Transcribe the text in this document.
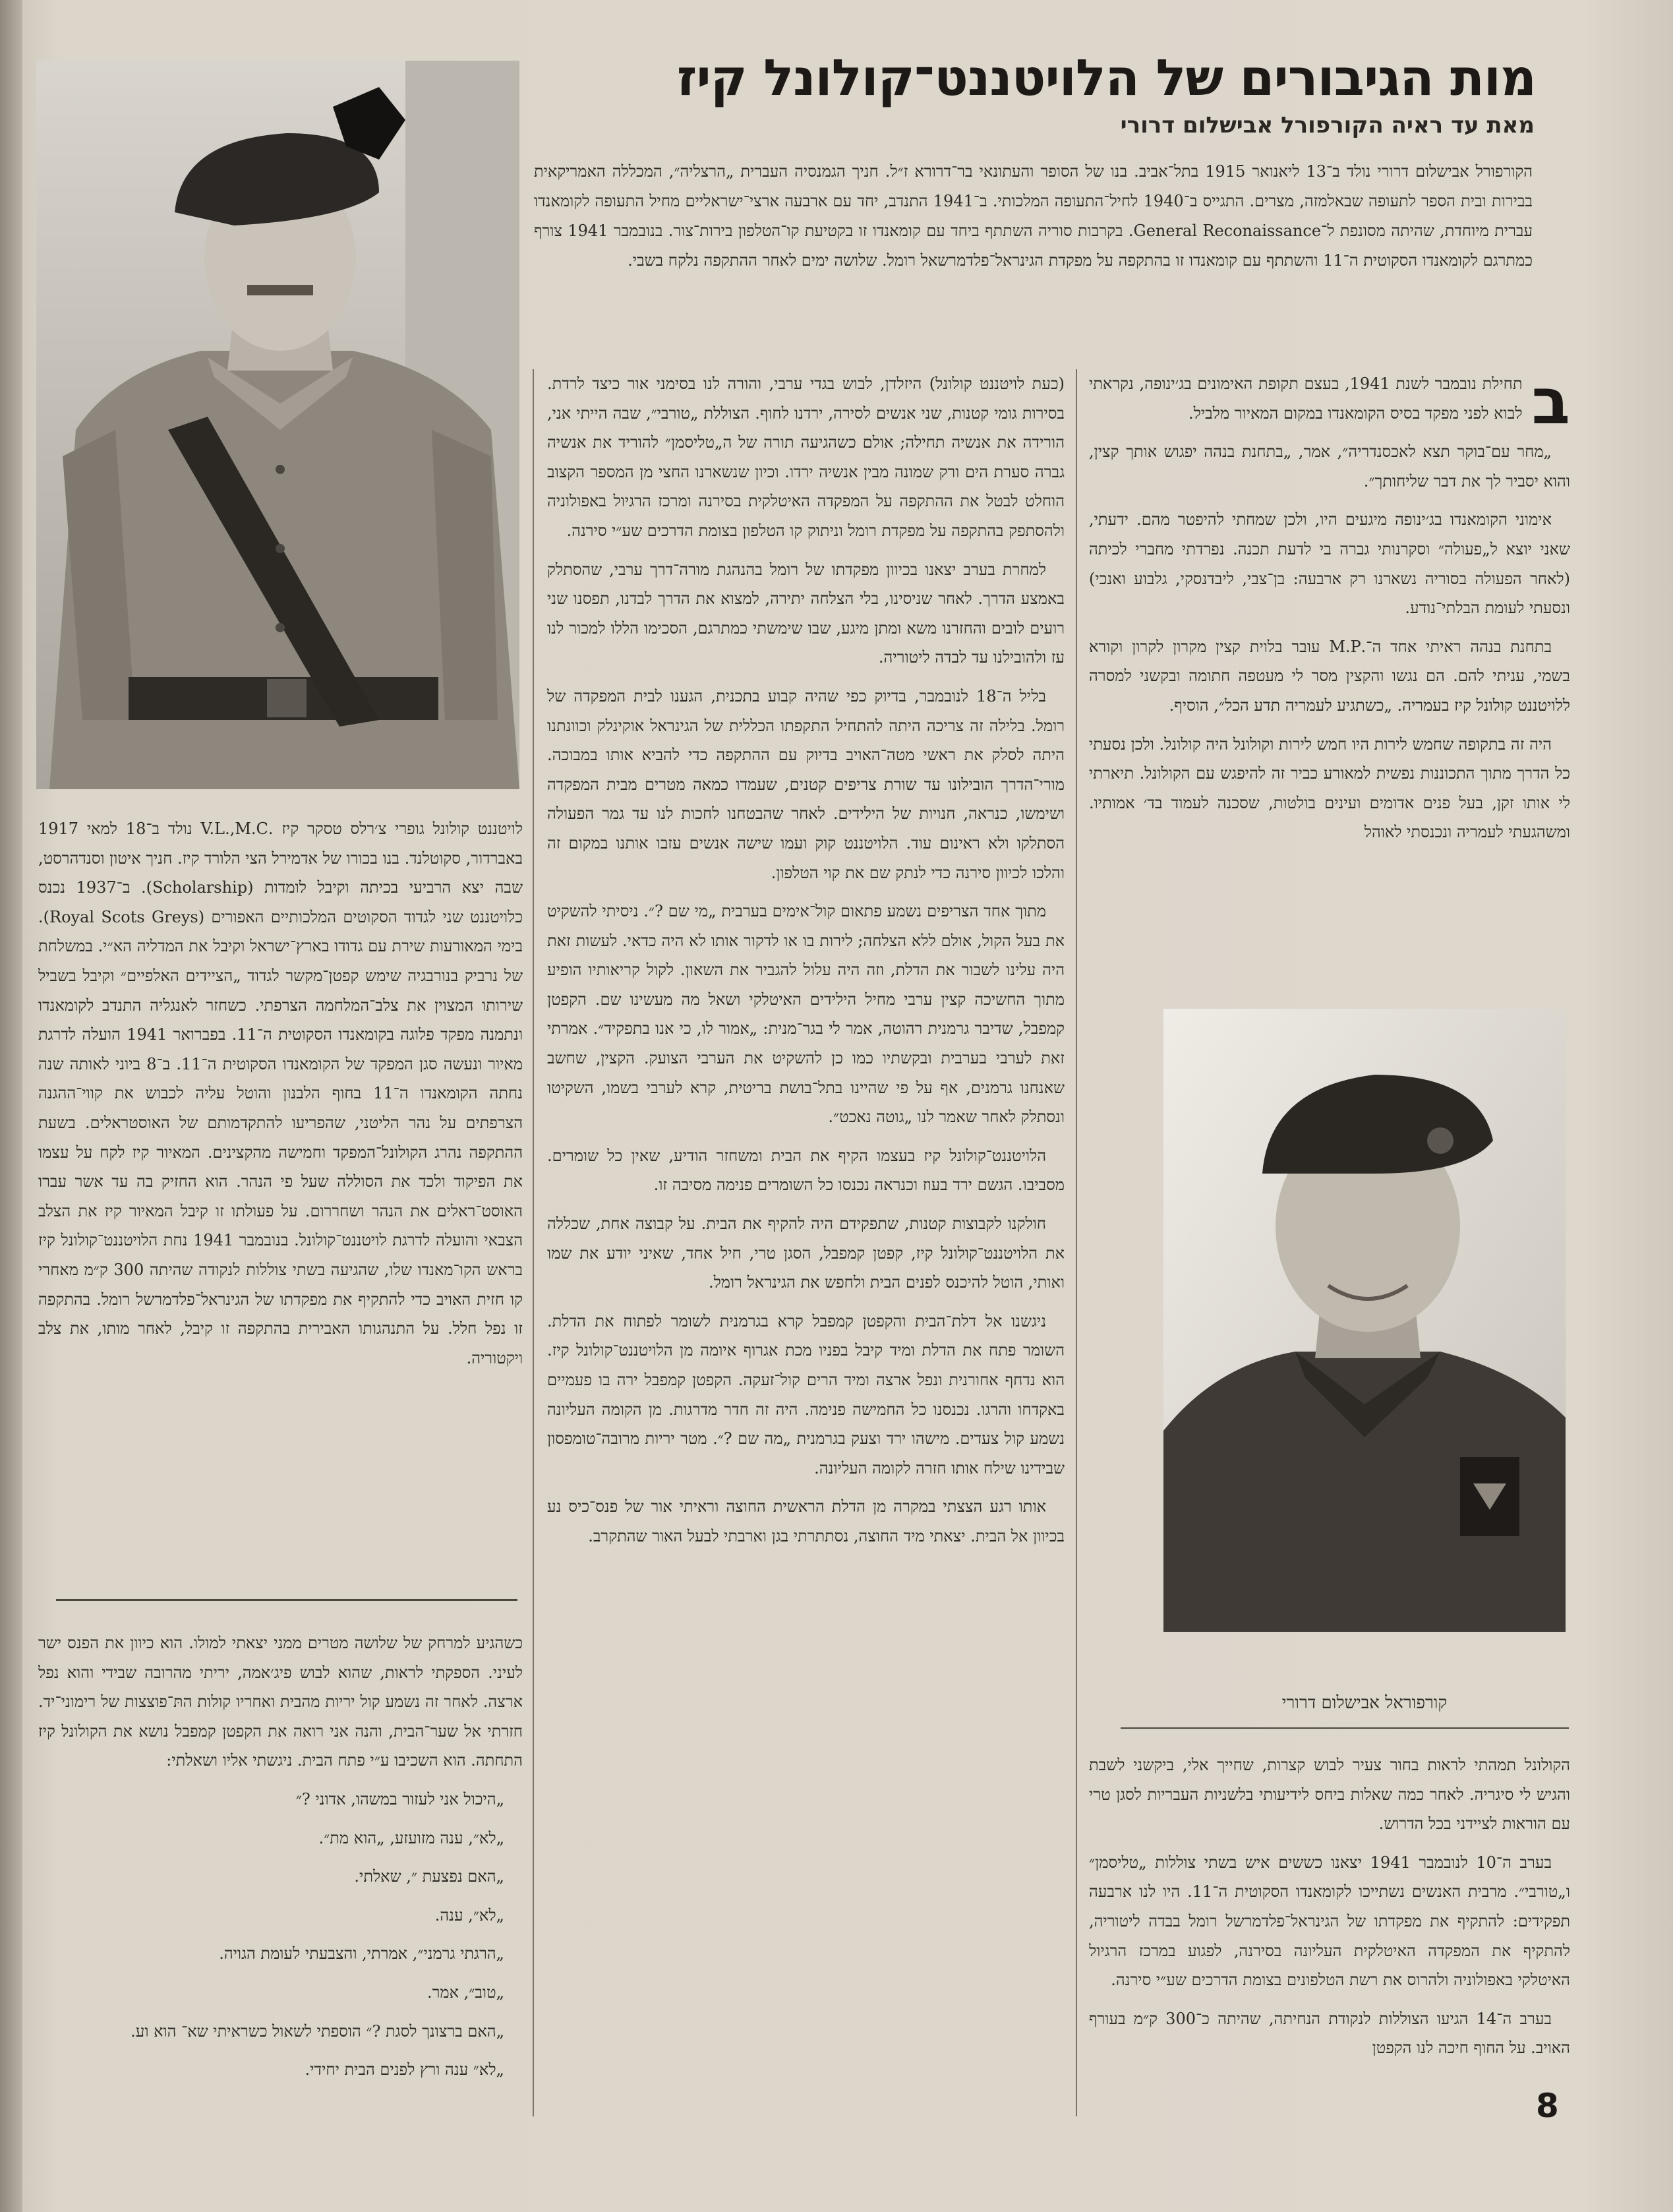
מות הגיבורים של הלויטננט־קולונל קיז
מאת עד ראיה הקורפורל אבישלום דרורי
הקורפורל אבישלום דרורי נולד ב־13 ליאנואר 1915 בתל־אביב. בנו של הסופר והעתונאי בר־דרורא ז״ל. חניך הגמנסיה העברית „הרצליה״, המכללה האמריקאית בבירות ובית הספר לתעופה שבאלמזה, מצרים. התגייס ב־1940 לחיל־התעופה המלכותי. ב־1941 התנדב, יחד עם ארבעה ארצי־ישראליים מחיל התעופה לקומאנדו עברית מיוחדת, שהיתה מסונפת ל־General Reconaissance. בקרבות סוריה השתתף ביחד עם קומאנדו זו בקטיעת קו־הטלפון בירות־צור. בנובמבר 1941 צורף כמתרגם לקומאנדו הסקוטית ה־11 והשתתף עם קומאנדו זו בהתקפה על מפקדת הגינראל־פלדמרשאל רומל. שלושה ימים לאחר ההתקפה נלקח בשבי.

ב
תחילת נובמבר לשנת 1941, בעצם תקופת האימונים בג׳ינופה, נקראתי לבוא לפני מפקד בסיס הקומאנדו במקום המאיור מלביל.

„מחר עם־בוקר תצא לאכסנדריה״, אמר, „בתחנת בנהה יפגוש אותך קצין, והוא יסביר לך את דבר שליחותך״.

אימוני הקומאנדו בג׳ינופה מיגעים היו, ולכן שמחתי להיפטר מהם. ידעתי, שאני יוצא ל„פעולה״ וסקרנותי גברה בי לדעת תכנה. נפרדתי מחברי לכיתה (לאחר הפעולה בסוריה נשארנו רק ארבעה: בן־צבי, ליבדנסקי, גלבוע ואנכי) ונסעתי לעומת הבלתי־נודע.

בתחנת בנהה ראיתי אחד ה־.M.P עובר בלוית קצין מקרון לקרון וקורא בשמי, עניתי להם. הם נגשו והקצין מסר לי מעטפה חתומה ובקשני למסרה ללויטננט קולונל קיז בעמריה. „כשתגיע לעמריה תדע הכל״, הוסיף.

היה זה בתקופה שחמש לירות היו חמש לירות וקולונל היה קולונל. ולכן נסעתי כל הדרך מתוך התכוננות נפשית למאורע כביר זה להיפגש עם הקולונל. תיארתי לי אותו זקן, בעל פנים אדומים ועינים בולטות, שסכנה לעמוד בד׳ אמותיו. ומשהגעתי לעמריה ונכנסתי לאוהל

קורפוראל אבישלום דרורי

הקולונל תמהתי לראות בחור צעיר לבוש קצרות, שחייך אלי, ביקשני לשבת והגיש לי סיגריה. לאחר כמה שאלות ביחס לידיעותי בלשניות העבריות לסגן טרי עם הוראות לציידני בכל הדרוש.

בערב ה־10 לנובמבר 1941 יצאנו כששים איש בשתי צוללות „טליסמן״ ו„טורבי״. מרבית האנשים נשתייכו לקומאנדו הסקוטית ה־11. היו לנו ארבעה תפקידים: להתקיף את מפקדתו של הגינראל־פלדמרשל רומל בבדה ליטוריה, להתקיף את המפקדה האיטלקית העליונה בסירנה, לפגוע במרכז הרגיול האיטלקי באפולוניה ולהרוס את רשת הטלפונים בצומת הדרכים שע״י סירנה.

בערב ה־14 הגיעו הצוללות לנקודת הנחיתה, שהיתה כ־300 ק״מ בעורף האויב. על החוף חיכה לנו הקפטן

(כעת לויטננט קולונל) היזלדן, לבוש בגדי ערבי, והורה לנו בסימני אור כיצד לרדת. בסירות גומי קטנות, שני אנשים לסירה, ירדנו לחוף. הצוללת „טורבי״, שבה הייתי אני, הורידה את אנשיה תחילה; אולם כשהגיעה תורה של ה„טליסמן״ להוריד את אנשיה גברה סערת הים ורק שמונה מבין אנשיה ירדו. וכיון שנשארנו החצי מן המספר הקצוב הוחלט לבטל את ההתקפה על המפקדה האיטלקית בסירנה ומרכז הרגיול באפולוניה ולהסתפק בהתקפה על מפקדת רומל וניתוק קו הטלפון בצומת הדרכים שע״י סירנה.

למחרת בערב יצאנו בכיוון מפקדתו של רומל בהנהגת מורה־דרך ערבי, שהסתלק באמצע הדרך. לאחר שניסינו, בלי הצלחה יתירה, למצוא את הדרך לבדנו, תפסנו שני רועים לובים והחזרנו משא ומתן מיגע, שבו שימשתי כמתרגם, הסכימו הללו למכור לנו עז ולהובילנו עד לבדה ליטוריה.

בליל ה־18 לנובמבר, בדיוק כפי שהיה קבוע בתכנית, הגענו לבית המפקדה של רומל. בלילה זה צריכה היתה להתחיל התקפתו הכללית של הגינראל אוקינלק וכוונתנו היתה לסלק את ראשי מטה־האויב בדיוק עם ההתקפה כדי להביא אותו במבוכה. מורי־הדרך הובילונו עד שורת צריפים קטנים, שעמדו כמאה מטרים מבית המפקדה ושימשו, כנראה, חנויות של הילידים. לאחר שהבטחנו לחכות לנו עד גמר הפעולה הסתלקו ולא ראינום עוד. הלויטננט קוק ועמו שישה אנשים עזבו אותנו במקום זה והלכו לכיוון סירנה כדי לנתק שם את קוי הטלפון.

מתוך אחד הצריפים נשמע פתאום קול־אימים בערבית „מי שם ?״. ניסיתי להשקיט את בעל הקול, אולם ללא הצלחה; לירות בו או לדקור אותו לא היה כדאי. לעשות זאת היה עלינו לשבור את הדלת, וזה היה עלול להגביר את השאון. לקול קריאותיו הופיע מתוך החשיכה קצין ערבי מחיל הילידים האיטלקי ושאל מה מעשינו שם. הקפטן קמפבל, שדיבר גרמנית רהוטה, אמר לי בגר־מנית: „אמור לו, כי אנו בתפקיד״. אמרתי זאת לערבי בערבית ובקשתיו כמו כן להשקיט את הערבי הצועק. הקצין, שחשב שאנחנו גרמנים, אף על פי שהיינו בתל־בושת בריטית, קרא לערבי בשמו, השקיטו ונסתלק לאחר שאמר לנו „גוטה נאכט״.

הלויטננט־קולונל קיז בעצמו הקיף את הבית ומשחזר הודיע, שאין כל שומרים. מסביבו. הגשם ירד בעוז וכנראה נכנסו כל השומרים פנימה מסיבה זו.

חולקנו לקבוצות קטנות, שתפקידם היה להקיף את הבית. על קבוצה אחת, שכללה את הלויטננט־קולונל קיז, קפטן קמפבל, הסגן טרי, חיל אחד, שאיני יודע את שמו ואותי, הוטל להיכנס לפנים הבית ולחפש את הגינראל רומל.

ניגשנו אל דלת־הבית והקפטן קמפבל קרא בגרמנית לשומר לפתוח את הדלת. השומר פתח את הדלת ומיד קיבל בפניו מכת אגרוף איומה מן הלויטננט־קולונל קיז. הוא נדחף אחורנית ונפל ארצה ומיד הרים קול־זעקה. הקפטן קמפבל ירה בו פעמיים באקדחו והרגו. נכנסנו כל החמישה פנימה. היה זה חדר מדרגות. מן הקומה העליונה נשמע קול צעדים. מישהו ירד וצעק בגרמנית „מה שם ?״. מטר יריות מרובה־טומפסון שבידינו שילח אותו חזרה לקומה העליונה.

אותו רגע הצצתי במקרה מן הדלת הראשית החוצה וראיתי אור של פנס־כיס נע בכיוון אל הבית. יצאתי מיד החוצה, נסתתרתי בגן וארבתי לבעל האור שהתקרב.

לויטננט קולונל גופרי צ׳רלס טסקר קיז .V.L.,M.C נולד ב־18 למאי 1917 באברדור, סקוטלנד. בנו בכורו של אדמירל הצי הלורד קיז. חניך איטון וסנדהרסט, שבה יצא הרביעי בכיתה וקיבל לומדות (Scholarship). ב־1937 נכנס כלויטננט שני לגדוד הסקוטים המלכותיים האפורים (Royal Scots Greys). בימי המאורעות שירת עם גדודו בארץ־ישראל וקיבל את המדליה הא״י. במשלחת של נרביק בנורבגיה שימש קפטן־מקשר לגדוד „הציידים האלפיים״ וקיבל בשביל שירותו המצוין את צלב־המלחמה הצרפתי. כשחזר לאנגליה התנדב לקומאנדו ונתמנה מפקד פלוגה בקומאנדו הסקוטית ה־11. בפברואר 1941 הועלה לדרגת מאיור ונעשה סגן המפקד של הקומאנדו הסקוטית ה־11. ב־8 ביוני לאותה שנה נחתה הקומאנדו ה־11 בחוף הלבנון והוטל עליה לכבוש את קווי־ההגנה הצרפתים על נהר הליטני, שהפריעו להתקדמותם של האוסטראלים. בשעת ההתקפה נהרג הקולונל־המפקד וחמישה מהקצינים. המאיור קיז לקח על עצמו את הפיקוד ולכד את הסוללה שעל פי הנהר. הוא החזיק בה עד אשר עברו האוסט־ראלים את הנהר ושחררום. על פעולתו זו קיבל המאיור קיז את הצלב הצבאי והועלה לדרגת לויטננט־קולונל. בנובמבר 1941 נחת הלויטננט־קולונל קיז בראש הקו־מאנדו שלו, שהגיעה בשתי צוללות לנקודה שהיתה 300 ק״מ מאחרי קו חזית האויב כדי להתקיף את מפקדתו של הגינראל־פלדמרשל רומל. בהתקפה זו נפל חלל. על התנהגותו האבירית בהתקפה זו קיבל, לאחר מותו, את צלב ויקטוריה.

כשהגיע למרחק של שלושה מטרים ממני יצאתי למולו. הוא כיוון את הפנס ישר לעיני. הספקתי לראות, שהוא לבוש פיג׳אמה, יריתי מהרובה שבידי והוא נפל ארצה. לאחר זה נשמע קול יריות מהבית ואחריו קולות התּ־פוצצות של רימוני־יד. חזרתי אל שער־הבית, והנה אני רואה את הקפטן קמפבל נושא את הקולונל קיז התחתה. הוא השכיבו ע״י פתח הבית. ניגשתי אליו ושאלתי:

„היכול אני לעזור במשהו, אדוני ?״

„לא״, ענה מזועזע, „הוא מת״.

„האם נפצעת ״, שאלתי.

„לא״, ענה.

„הרגתי גרמני״, אמרתי, והצבעתי לעומת הגויה.

„טוב״, אמר.

„האם ברצונך לסגת ?״ הוספתי לשאול כשראיתי שא־ הוא וע.

„לא״ ענה ורץ לפנים הבית יחידי.

8
